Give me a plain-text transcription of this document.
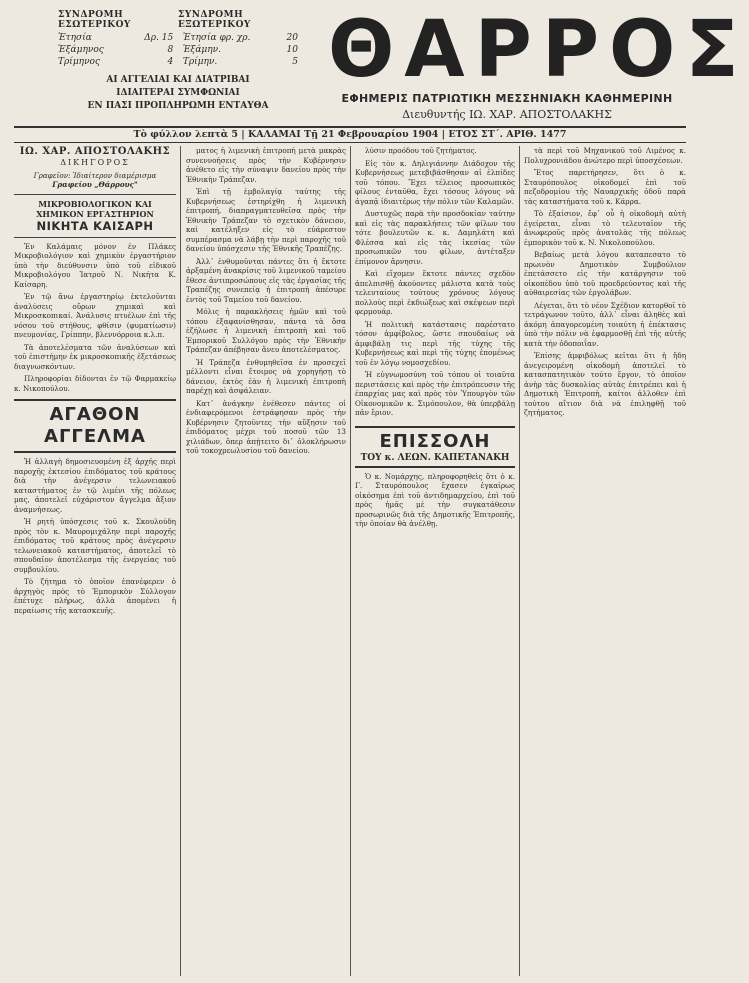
ΣΥΝΔΡΟΜΗ ΕΣΩΤΕΡΙΚΟΥ
ΣΥΝΔΡΟΜΗ ΕΞΩΤΕΡΙΚΟΥ
Ἐτησία	Δρ. 15
Ἑξάμηνος	8
Τρίμηνος	4
Ἐτησία φρ. χρ.	20
Ἑξάμην.	10
Τρίμην.	5
ΑΙ ΑΓΓΕΛΙΑΙ ΚΑΙ ΔΙΑΤΡΙΒΑΙ
ΙΔΙΑΙΤΕΡΑΙ ΣΥΜΦΩΝΙΑΙ
ΕΝ ΠΑΣΙ ΠΡΟΠΛΗΡΩΜΗ ΕΝΤΑΥΘΑ
ΘΑΡΡΟΣ
ΕΦΗΜΕΡΙΣ ΠΑΤΡΙΩΤΙΚΗ ΜΕΣΣΗΝΙΑΚΗ ΚΑΘΗΜΕΡΙΝΗ
Διευθυντής ΙΩ. ΧΑΡ. ΑΠΟΣΤΟΛΑΚΗΣ
Τὸ φύλλον λεπτὰ 5 | ΚΑΛΑΜΑΙ Τῇ 21 Φεβρουαρίου 1904 | ΕΤΟΣ ΣΤ΄. ΑΡΙΘ. 1477
ΙΩ. ΧΑΡ. ΑΠΟΣΤΟΛΑΚΗΣ
ΔΙΚΗΓΟΡΟΣ
Γραφεῖον: Ἰδιαίτερον διαμέρισμα
Γραφείου „Θάρρους"
ΜΙΚΡΟΒΙΟΛΟΓΙΚΟΝ ΚΑΙ ΧΗΜΙΚΟΝ ΕΡΓΑΣΤΗΡΙΟΝ
ΝΙΚΗΤΑ ΚΑΙΣΑΡΗ

Ἐν Καλάμαις μόνον ἐν Πλάκες Μικροβιολόγιον καὶ χημικὸν ἐργαστήριον ὑπὸ τὴν διεύθυνσιν ὑπὸ τοῦ εἰδικοῦ Μικροβιολόγου Ἰατροῦ Ν. Νικήτα Κ. Καίσαρη.

Ἐν τῷ ἄνω ἐργαστηρίῳ ἐκτελοῦνται ἀναλύσεις οὔρων χημικαὶ καὶ Μικροσκοπικαί. Ἀνάλυσις πτυέλων ἐπὶ τῆς νόσου τοῦ στήθους, φθίσιν (φυματίωσιν) πνευμονίας, Γρίππην, βλεννόρροια κ.λ.π.

Τὰ ἀποτελέσματα τῶν ἀναλύσεων καὶ τοῦ ἐπιστήμην ἐκ μικροσκοπικῆς ἐξετάσεως διαγνωσκόντων.

Πληροφορίαι δίδονται ἐν τῷ Φαρμακείῳ κ. Νικοπούλου.

ΑΓΑΘΟΝ ΑΓΓΕΛΜΑ

Ἡ ἀλλαγὴ δημοσιευομένη ἐξ ἀρχῆς περὶ παροχῆς ἐκτεσίου ἐπιδόματος τοῦ κράτους διὰ τὴν ἀνέγερσιν τελωνειακοῦ καταστήματος ἐν τῷ λιμένι τῆς πόλεως μας, ἀποτελεῖ εὐχάριστον ἄγγελμα ἄξιον ἀναμνήσεως.

Ἡ ρητὴ ὑπόσχεσις τοῦ κ. Σκουλούδη πρὸς τὸν κ. Μαυρομιχάλην περὶ παροχῆς ἐπιδόματος τοῦ κράτους πρὸς ἀνέγερσιν τελωνειακοῦ καταστήματος, ἀποτελεῖ τὸ σπουδαῖον ἀποτέλεσμα τῆς ἐνεργείας τοῦ συμβουλίου.

Τὸ ζήτημα τὸ ὁποῖον ἐπανέφερεν ὁ ἀρχηγὸς πρὸς τὸ Ἐμπορικὸν Σύλλογον ἐπέτυχε πλήρως, ἀλλὰ ἀπομένει ἡ περαίωσις τῆς κατασκευῆς.

ματος ἡ λιμενικὴ ἐπιτροπὴ μετὰ μακρὰς συνεννοήσεις πρὸς τὴν Κυβέρνησιν ἀνέθετο εἰς τὴν σύναψιν δανείου πρὸς τὴν Ἐθνικὴν Τράπεζαν.

Ἐπὶ τῇ ἐμβολαγίᾳ ταύτης τῆς Κυβερνήσεως ἐστηρίχθη ἡ λιμενικὴ ἐπιτροπή, διαπραγματευθεῖσα πρὸς τὴν Ἐθνικὴν Τράπεζαν τὸ σχετικὸν δάνειον, καὶ κατέληξεν εἰς τὸ εὐάρεστον συμπέρασμα νὰ λάβῃ τὴν περὶ παροχῆς τοῦ δανείου ὑπόσχεσιν τῆς Ἐθνικῆς Τραπέζης.

Ἀλλ᾽ ἐνθυμοῦνται πάντες ὅτι ἡ ἔκτοτε ἀρξαμένη ἀνακρίσις τοῦ λιμενικοῦ ταμείου ἔθεσε ἀντιπροσώπους εἰς τὰς ἐργασίας τῆς Τραπέζης συνεπείᾳ ἡ ἐπιτροπὴ ἀπέσυρε ἐντὸς τοῦ Ταμείου τοῦ δανείου.

Μόλις ἡ παρακλήσεις ἡμῶν καὶ τοῦ τόπου ἐξαφανίσθησαν, πάντα τὰ ὅσα ἐζήλωσε ἡ λιμενικὴ ἐπιτροπὴ καὶ τοῦ Ἐμπορικοῦ Συλλόγου πρὸς τὴν Ἐθνικὴν Τράπεζαν ἀπέβησαν ἄνευ ἀποτελέσματος.

Ἡ Τράπεζα ἐνθυμηθεῖσα ἐν προσεχεῖ μέλλοντι εἶναι ἔτοιμος νὰ χορηγήσῃ τὸ δάνειον, ἐκτὸς ἐὰν ἡ λιμενικὴ ἐπιτροπὴ παρέχῃ καὶ ἀσφάλειαν.

Κατ᾽ ἀνάγκην ἐνέθεσεν πάντες οἱ ἐνδιαφερόμενοι ἐστράφησαν πρὸς τὴν Κυβέρνησιν ζητοῦντες τὴν αὔξησιν τοῦ ἐπιδόματος μέχρι τοῦ ποσοῦ τῶν 13 χιλιάδων, ὅπερ ἀπῄτειτο δι᾽ ὁλοκλήρωσιν τοῦ τοκοχρεωλυσίου τοῦ δανείου.

λύσιν προόδου τοῦ ζητήματος.

Εἰς τὸν κ. Δηλιγιάννην Διάδοχον τῆς Κυβερνήσεως μετεβιβάσθησαν αἱ ἐλπίδες τοῦ τόπου. Ἔχει τέλειος προσωπικὸς φίλους ἐνταῦθα, ἔχει τόσους λόγους νὰ ἀγαπᾷ ἰδιαιτέρως τὴν πόλιν τῶν Καλαμῶν.

Δυστυχῶς παρὰ τὴν προσδοκίαν ταύτην καὶ εἰς τὰς παρακλήσεις τῶν φίλων του τότε βουλευτῶν κ. κ. Δαμηλάτη καὶ Φλέσσα καὶ εἰς τὰς ἱκεσίας τῶν προσωπικῶν του φίλων, ἀντέταξεν ἐπίμονον ἄρνησιν.

Καὶ εἴχομεν ἔκτοτε πάντες σχεδὸν ἀπελπισθῇ ἀκούοντες μάλιστα κατὰ τοὺς τελευταίους τούτους χρόνους λόγους πολλοὺς περὶ ἐκδιώξεως καὶ σκέψεων περὶ φερμουάρ.

Ἡ πολιτικὴ κατάστασις παρέστατο τόσον ἀμφίβολος, ὥστε σπουδαίως νὰ ἀμφιβάλῃ τις περὶ τῆς τύχης τῆς Κυβερνήσεως καὶ περὶ τῆς τύχης ἐπομένως τοῦ ἐν λόγῳ νομοσχεδίου.

Ἡ εὐγνωμοσύνη τοῦ τόπου οἱ τοιαῦτα περιστάσεις καὶ πρὸς τὴν ἐπιτρόπευσιν τῆς ἐπαρχίας μας καὶ πρὸς τὸν Ὑπουργὸν τῶν Οἰκονομικῶν κ. Σιμόπουλον, θὰ ὑπερβάλῃ πᾶν ἔριον.

ΕΠΙΣΣΟΛΗ
ΤΟΥ κ. ΛΕΩΝ. ΚΑΠΕΤΑΝΑΚΗ

Ὁ κ. Νομάρχης, πληροφορηθεὶς ὅτι ὁ κ. Γ. Σταυρόπουλος ἔχασεν ἐγκαίρως οἰκόσημα ἐπὶ τοῦ ἀντιδημαρχείου, ἐπὶ τοῦ πρὸς ἡμᾶς μὲ τὴν συγκατάθεσιν προσωρινῶς διὰ τῆς Δημοτικῆς Ἐπιτροπῆς, τὴν ὁποίαν θὰ ἀνέλθῃ.

τὰ περὶ τοῦ Μηχανικοῦ τοῦ Λιμένος κ. Πολυχρονιάδου ἀνώτερο περὶ ὑποσχέσεων.

Ἔτος παρετήρησεν, ὅτι ὁ κ. Σταυρόπουλος οἰκοδομεῖ ἐπὶ τοῦ πεζοδρομίου τῆς Ναυαρχικῆς ὁδοῦ παρὰ τὰς καταστήματα τοῦ κ. Κάρρα.

Τὸ ἐξαίσιον, ἔφ᾽ οὗ ἡ οἰκοδομὴ αὐτὴ ἐγείρεται, εἶναι τὸ τελευταῖον τῆς ἀνωφεροῦς πρὸς ἀνατολὰς τῆς πόλεως ἐμπορικὸν τοῦ κ. Ν. Νικολοπούλου.

Βεβαίως μετὰ λόγου καταπεσατο τὸ πρωινὸν Δημοτικὸν Συμβούλιον ἐπετάσσετο εἰς τὴν κατάργησιν τοῦ οἰκοπέδου ὑπὸ τοῦ προεδρεύοντος καὶ τῆς αὐθαιρεσίας τῶν ἐργολάβων.

Λέγεται, ὅτι τὸ νέον Σχέδιον κατορθοῖ τὸ τετράγωνον τοῦτο, ἀλλ᾽ εἶναι ἀληθὲς καὶ ἀκόμη ἀπαγορευμένη τοιαύτη ἡ ἐπέκτασις ὑπὸ τὴν πόλιν νὰ ἐφαρμοσθῇ ἐπὶ τῆς αὐτῆς κατὰ τὴν ὁδοποιΐαν.

Ἐπίσης ἀμφιβόλως κεῖται ὅτι ἡ ἤδη ἀνεγειρομένη οἰκοδομὴ ἀποτελεῖ τὸ κατασπατητικὸν τούτο ἔργον, τὸ ὁποῖον ἀνὴρ τὰς δυσκολίας αὐτὰς ἐπιτρέπει καὶ ἡ Δημοτικὴ Ἐπιτροπὴ, καίτοι ἀλλοθεν ἐπὶ τούτου αἴτιον διὰ νὰ ἐπιληφθῇ τοῦ ζητήματος.
